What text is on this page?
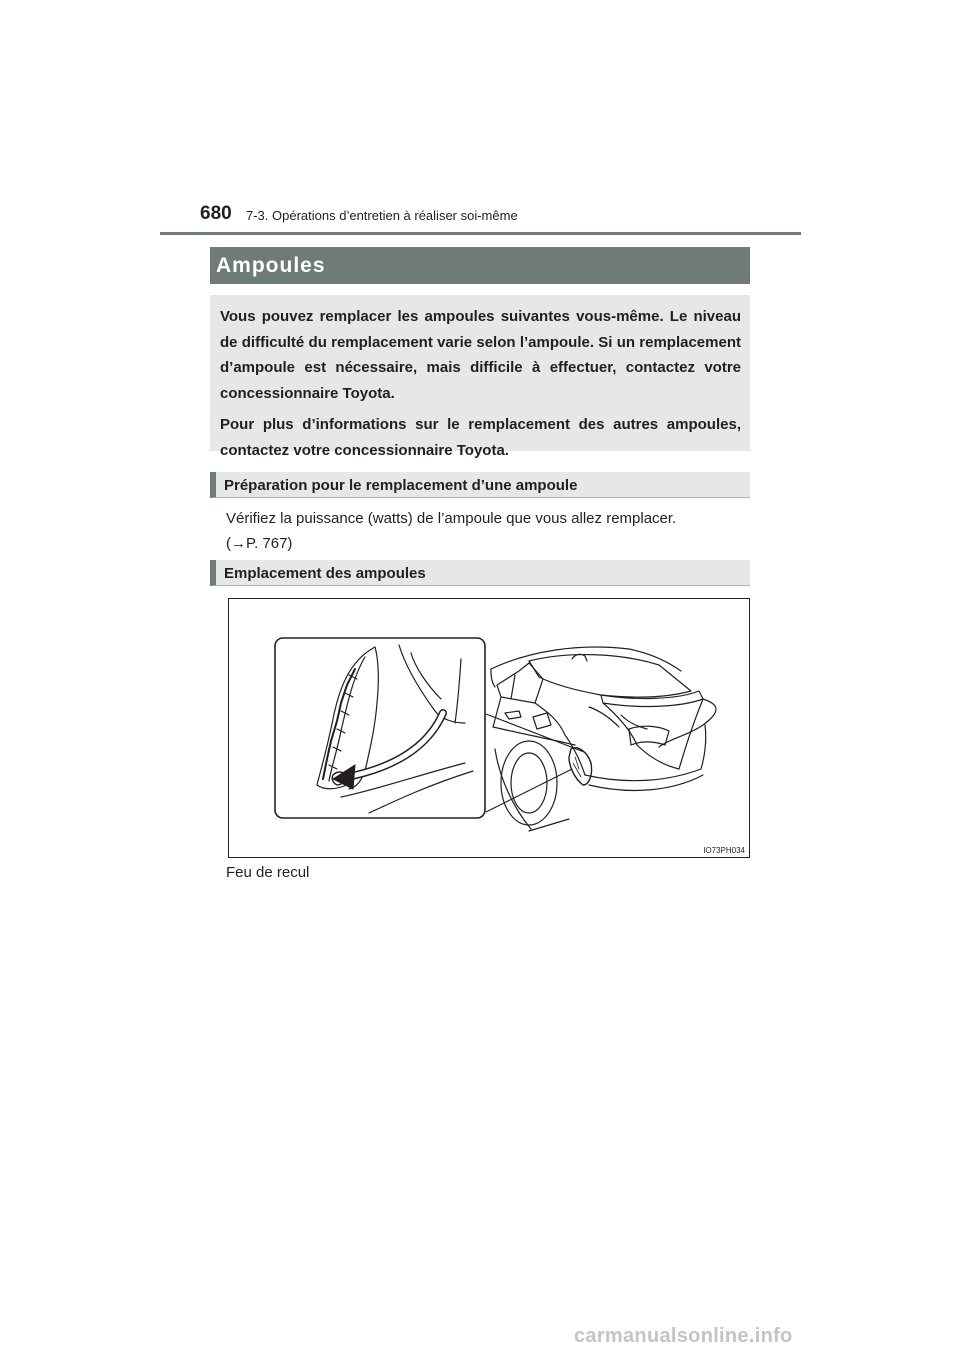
680 7-3. Opérations d’entretien à réaliser soi-même
Ampoules

Vous pouvez remplacer les ampoules suivantes vous-même. Le niveau de difficulté du remplacement varie selon l’ampoule. Si un remplacement d’ampoule est nécessaire, mais difficile à effectuer, contactez votre concessionnaire Toyota.

Pour plus d’informations sur le remplacement des autres ampoules, contactez votre concessionnaire Toyota.

Préparation pour le remplacement d’une ampoule

Vérifiez la puissance (watts) de l’ampoule que vous allez remplacer.
(→P. 767)

Emplacement des ampoules
IO73PH034
Feu de recul
carmanualsonline.info
